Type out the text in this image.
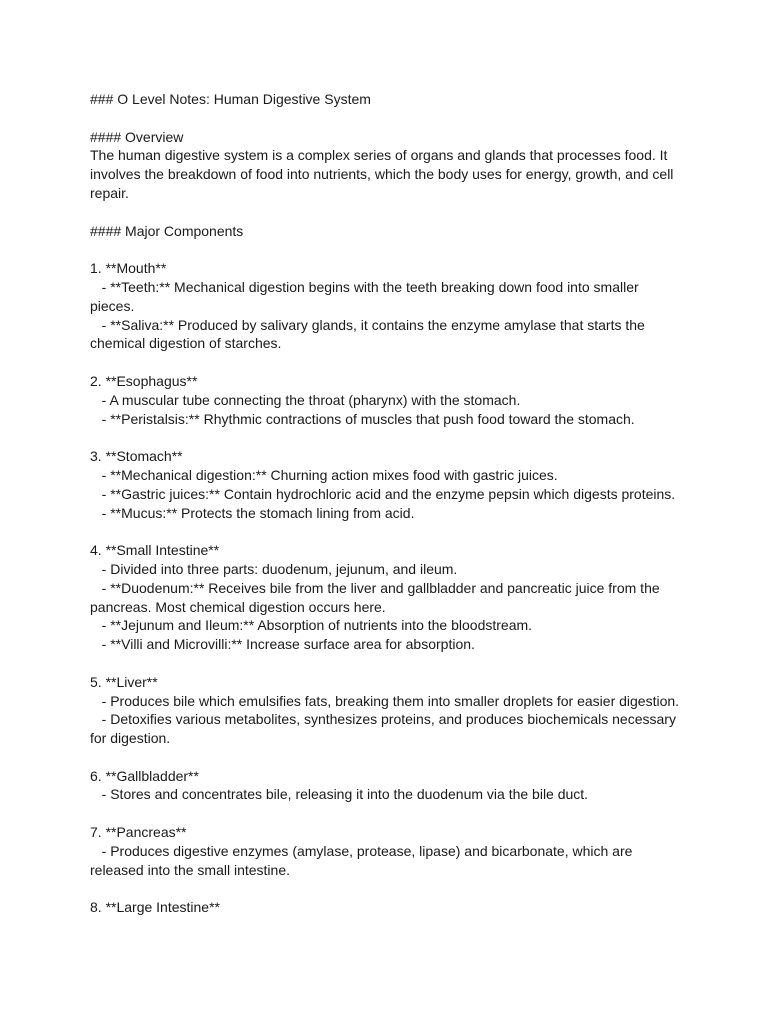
### O Level Notes: Human Digestive System
#### Overview
The human digestive system is a complex series of organs and glands that processes food. It involves the breakdown of food into nutrients, which the body uses for energy, growth, and cell repair.
#### Major Components
1. **Mouth**
- **Teeth:** Mechanical digestion begins with the teeth breaking down food into smaller pieces.
- **Saliva:** Produced by salivary glands, it contains the enzyme amylase that starts the chemical digestion of starches.
2. **Esophagus**
- A muscular tube connecting the throat (pharynx) with the stomach.
- **Peristalsis:** Rhythmic contractions of muscles that push food toward the stomach.
3. **Stomach**
- **Mechanical digestion:** Churning action mixes food with gastric juices.
- **Gastric juices:** Contain hydrochloric acid and the enzyme pepsin which digests proteins.
- **Mucus:** Protects the stomach lining from acid.
4. **Small Intestine**
- Divided into three parts: duodenum, jejunum, and ileum.
- **Duodenum:** Receives bile from the liver and gallbladder and pancreatic juice from the pancreas. Most chemical digestion occurs here.
- **Jejunum and Ileum:** Absorption of nutrients into the bloodstream.
- **Villi and Microvilli:** Increase surface area for absorption.
5. **Liver**
- Produces bile which emulsifies fats, breaking them into smaller droplets for easier digestion.
- Detoxifies various metabolites, synthesizes proteins, and produces biochemicals necessary for digestion.
6. **Gallbladder**
- Stores and concentrates bile, releasing it into the duodenum via the bile duct.
7. **Pancreas**
- Produces digestive enzymes (amylase, protease, lipase) and bicarbonate, which are released into the small intestine.
8. **Large Intestine**
